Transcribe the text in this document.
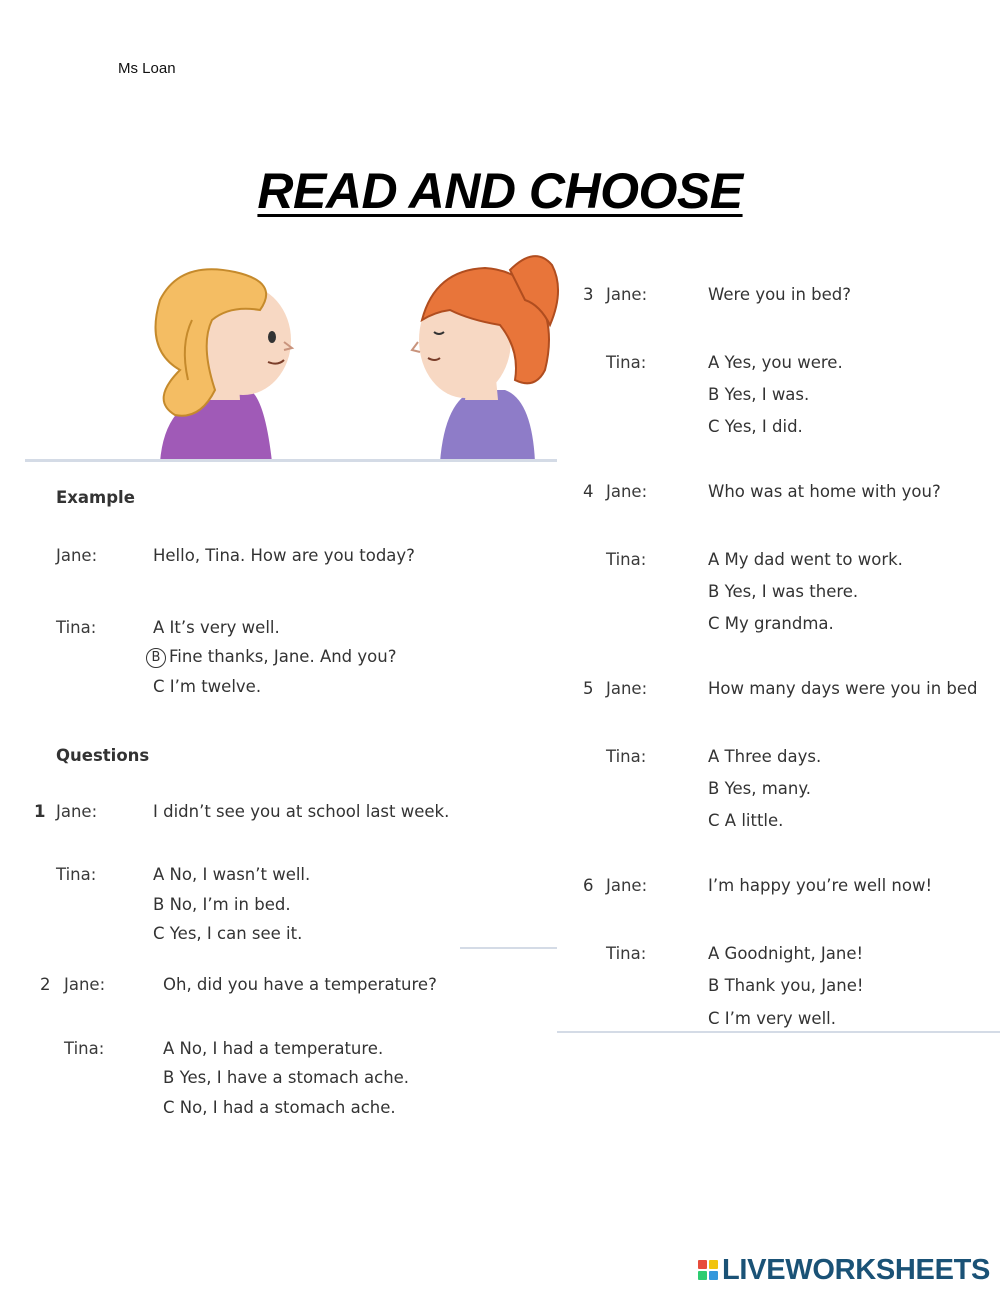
Ms Loan
READ AND CHOOSE
Example
Jane:	Hello, Tina. How are you today?
Tina:	A It’s very well.
B Fine thanks, Jane. And you?
C I’m twelve.
Questions
1 Jane:	I didn’t see you at school last week.
Tina:	A No, I wasn’t well.
B No, I’m in bed.
C Yes, I can see it.
2 Jane:	Oh, did you have a temperature?
Tina:	A No, I had a temperature.
B Yes, I have a stomach ache.
C No, I had a stomach ache.
3 Jane:	Were you in bed?
Tina:	A Yes, you were.
B Yes, I was.
C Yes, I did.
4 Jane:	Who was at home with you?
Tina:	A My dad went to work.
B Yes, I was there.
C My grandma.
5 Jane:	How many days were you in bed
Tina:	A Three days.
B Yes, many.
C A little.
6 Jane:	I’m happy you’re well now!
Tina:	A Goodnight, Jane!
B Thank you, Jane!
C I’m very well.
LIVEWORKSHEETS
